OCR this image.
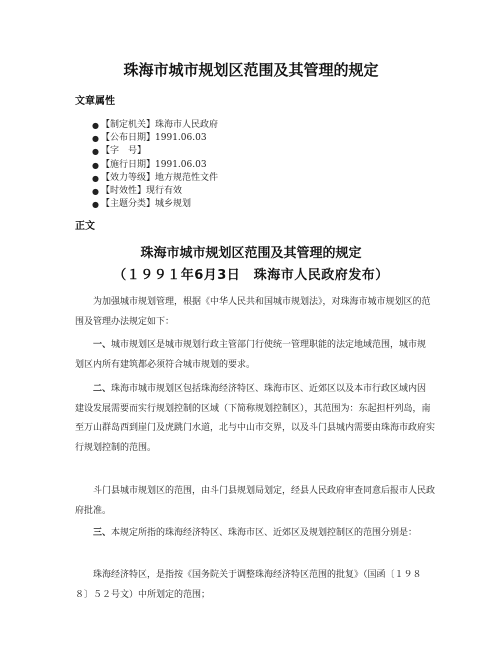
珠海市城市规划区范围及其管理的规定
文章属性
● 【制定机关】珠海市人民政府
● 【公布日期】1991.06.03
● 【字　号】
● 【施行日期】1991.06.03
● 【效力等级】地方规范性文件
● 【时效性】现行有效
● 【主题分类】城乡规划
正文
珠海市城市规划区范围及其管理的规定
（１９９１年6月3日　珠海市人民政府发布）

为加强城市规划管理，根据《中华人民共和国城市规划法》，对珠海市城市规划区的范围及管理办法规定如下：

一、城市规划区是城市规划行政主管部门行使统一管理职能的法定地域范围，城市规划区内所有建筑都必须符合城市规划的要求。

二、珠海市城市规划区包括珠海经济特区、珠海市区、近郊区以及本市行政区域内因建设发展需要而实行规划控制的区域（下简称规划控制区），其范围为：东起担杆列岛，南至万山群岛西到崖门及虎跳门水道，北与中山市交界，以及斗门县城内需要由珠海市政府实行规划控制的范围。

斗门县城市规划区的范围，由斗门县规划局划定，经县人民政府审查同意后报市人民政府批准。

三、本规定所指的珠海经济特区、珠海市区、近郊区及规划控制区的范围分别是：

珠海经济特区，是指按《国务院关于调整珠海经济特区范围的批复》（国函〔１９８８〕５２号文）中所划定的范围；
